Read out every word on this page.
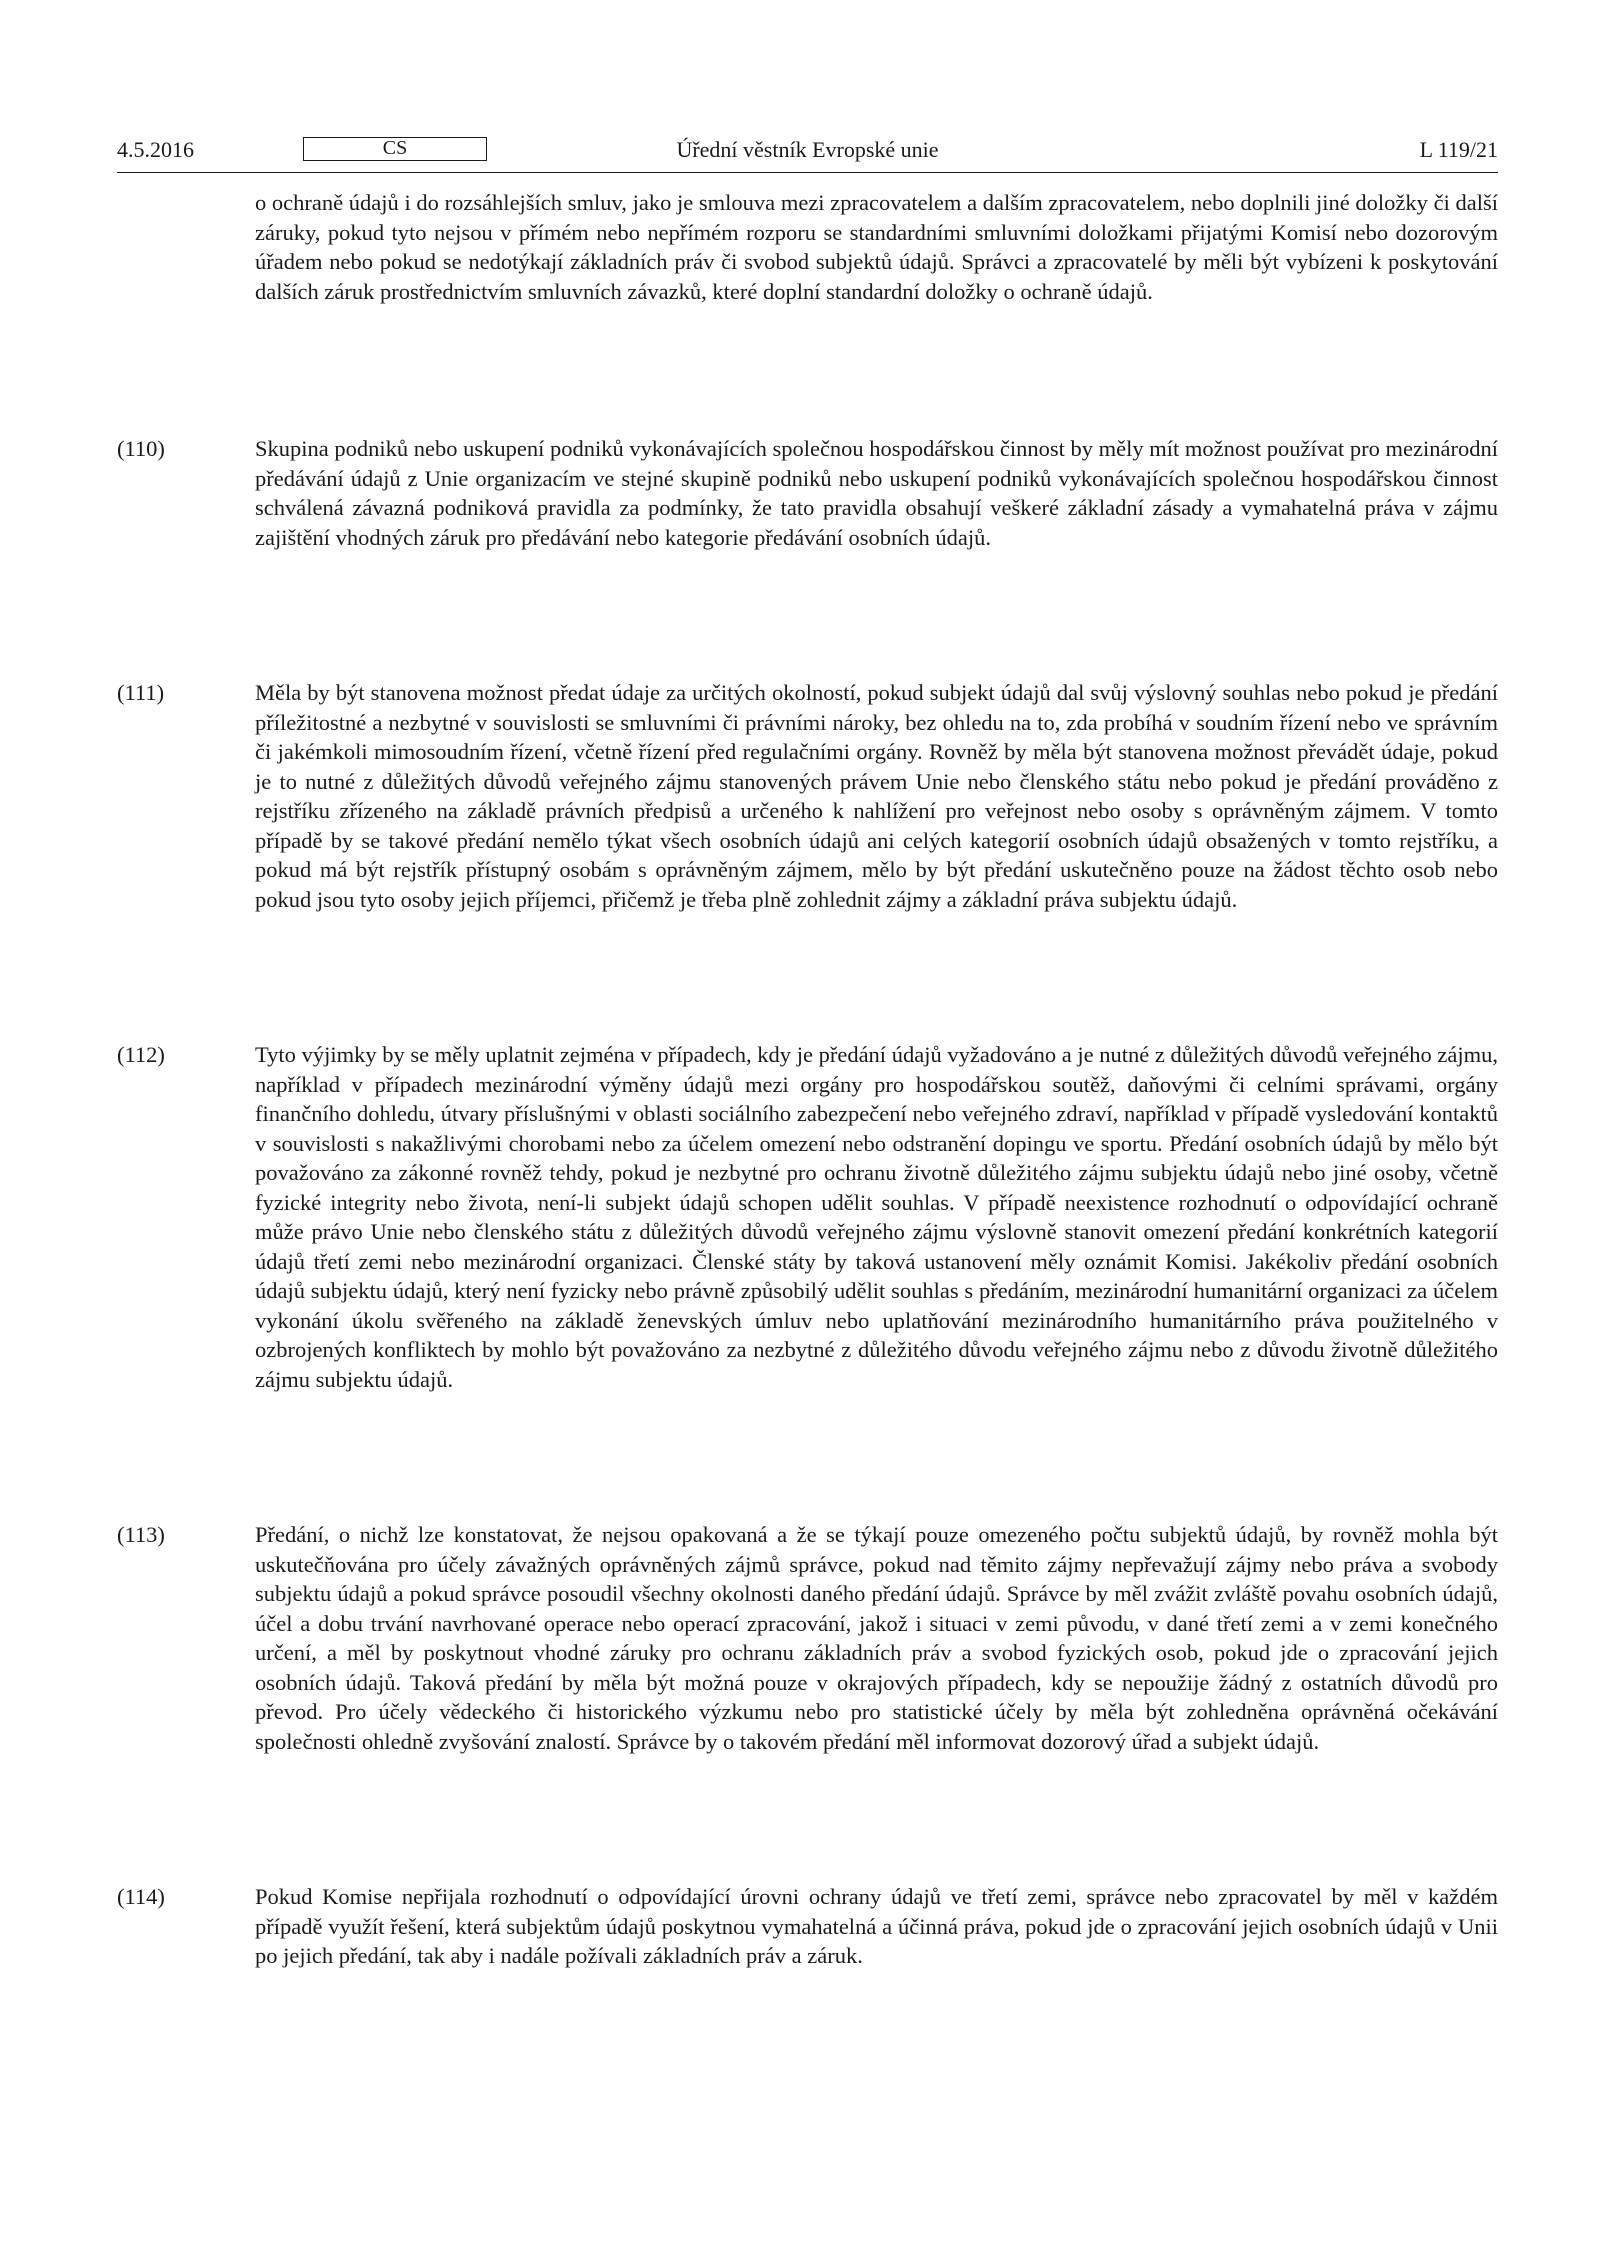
Úřední věstník Evropské unie
4.5.2016	CS	L 119/21
o ochraně údajů i do rozsáhlejších smluv, jako je smlouva mezi zpracovatelem a dalším zpracovatelem, nebo doplnili jiné doložky či další záruky, pokud tyto nejsou v přímém nebo nepřímém rozporu se standardními smluvními doložkami přijatými Komisí nebo dozorovým úřadem nebo pokud se nedotýkají základních práv či svobod subjektů údajů. Správci a zpracovatelé by měli být vybízeni k poskytování dalších záruk prostřednictvím smluvních závazků, které doplní standardní doložky o ochraně údajů.
(110)	Skupina podniků nebo uskupení podniků vykonávajících společnou hospodářskou činnost by měly mít možnost používat pro mezinárodní předávání údajů z Unie organizacím ve stejné skupině podniků nebo uskupení podniků vykonávajících společnou hospodářskou činnost schválená závazná podniková pravidla za podmínky, že tato pravidla obsahují veškeré základní zásady a vymahatelná práva v zájmu zajištění vhodných záruk pro předávání nebo kategorie předávání osobních údajů.
(111)	Měla by být stanovena možnost předat údaje za určitých okolností, pokud subjekt údajů dal svůj výslovný souhlas nebo pokud je předání příležitostné a nezbytné v souvislosti se smluvními či právními nároky, bez ohledu na to, zda probíhá v soudním řízení nebo ve správním či jakémkoli mimosoudním řízení, včetně řízení před regulačními orgány. Rovněž by měla být stanovena možnost převádět údaje, pokud je to nutné z důležitých důvodů veřejného zájmu stanovených právem Unie nebo členského státu nebo pokud je předání prováděno z rejstříku zřízeného na základě právních předpisů a určeného k nahlížení pro veřejnost nebo osoby s oprávněným zájmem. V tomto případě by se takové předání nemělo týkat všech osobních údajů ani celých kategorií osobních údajů obsažených v tomto rejstříku, a pokud má být rejstřík přístupný osobám s oprávněným zájmem, mělo by být předání uskutečněno pouze na žádost těchto osob nebo pokud jsou tyto osoby jejich příjemci, přičemž je třeba plně zohlednit zájmy a základní práva subjektu údajů.
(112)	Tyto výjimky by se měly uplatnit zejména v případech, kdy je předání údajů vyžadováno a je nutné z důležitých důvodů veřejného zájmu, například v případech mezinárodní výměny údajů mezi orgány pro hospodářskou soutěž, daňovými či celními správami, orgány finančního dohledu, útvary příslušnými v oblasti sociálního zabezpečení nebo veřejného zdraví, například v případě vysledování kontaktů v souvislosti s nakažlivými chorobami nebo za účelem omezení nebo odstranění dopingu ve sportu. Předání osobních údajů by mělo být považováno za zákonné rovněž tehdy, pokud je nezbytné pro ochranu životně důležitého zájmu subjektu údajů nebo jiné osoby, včetně fyzické integrity nebo života, není-li subjekt údajů schopen udělit souhlas. V případě neexistence rozhodnutí o odpovídající ochraně může právo Unie nebo členského státu z důležitých důvodů veřejného zájmu výslovně stanovit omezení předání konkrétních kategorií údajů třetí zemi nebo mezinárodní organizaci. Členské státy by taková ustanovení měly oznámit Komisi. Jakékoliv předání osobních údajů subjektu údajů, který není fyzicky nebo právně způsobilý udělit souhlas s předáním, mezinárodní humanitární organizaci za účelem vykonání úkolu svěřeného na základě ženevských úmluv nebo uplatňování mezinárodního humanitárního práva použitelného v ozbrojených konfliktech by mohlo být považováno za nezbytné z důležitého důvodu veřejného zájmu nebo z důvodu životně důležitého zájmu subjektu údajů.
(113)	Předání, o nichž lze konstatovat, že nejsou opakovaná a že se týkají pouze omezeného počtu subjektů údajů, by rovněž mohla být uskutečňována pro účely závažných oprávněných zájmů správce, pokud nad těmito zájmy nepřevažují zájmy nebo práva a svobody subjektu údajů a pokud správce posoudil všechny okolnosti daného předání údajů. Správce by měl zvážit zvláště povahu osobních údajů, účel a dobu trvání navrhované operace nebo operací zpracování, jakož i situaci v zemi původu, v dané třetí zemi a v zemi konečného určení, a měl by poskytnout vhodné záruky pro ochranu základních práv a svobod fyzických osob, pokud jde o zpracování jejich osobních údajů. Taková předání by měla být možná pouze v okrajových případech, kdy se nepoužije žádný z ostatních důvodů pro převod. Pro účely vědeckého či historického výzkumu nebo pro statistické účely by měla být zohledněna oprávněná očekávání společnosti ohledně zvyšování znalostí. Správce by o takovém předání měl informovat dozorový úřad a subjekt údajů.
(114)	Pokud Komise nepřijala rozhodnutí o odpovídající úrovni ochrany údajů ve třetí zemi, správce nebo zpracovatel by měl v každém případě využít řešení, která subjektům údajů poskytnou vymahatelná a účinná práva, pokud jde o zpracování jejich osobních údajů v Unii po jejich předání, tak aby i nadále požívali základních práv a záruk.
